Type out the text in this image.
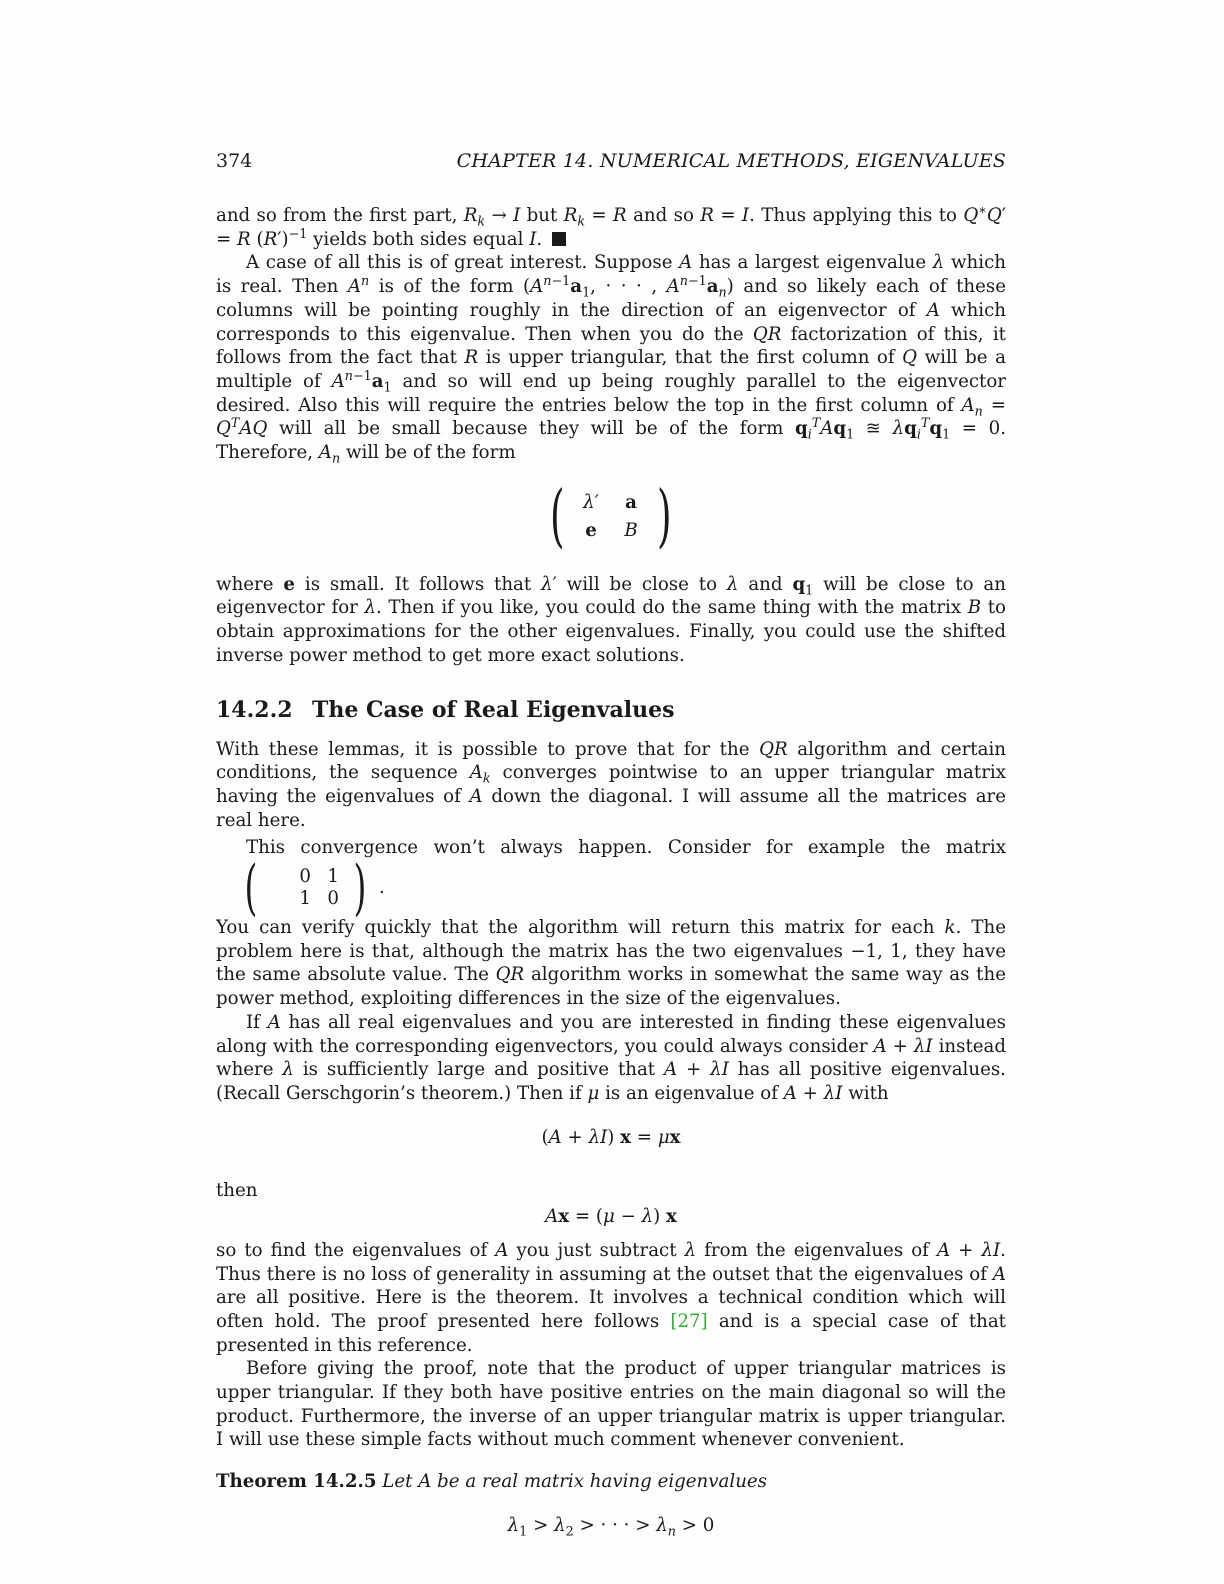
374	CHAPTER 14. NUMERICAL METHODS, EIGENVALUES

and so from the first part, $R_k \to I$ but $R_k = R$ and so R = I. Thus applying this to Q∗Q′ = R $(R')^{-1}$ yields both sides equal I.

A case of all this is of great interest. Suppose A has a largest eigenvalue λ which is real. Then $A^n$ is of the form ($A^{n-1}a_1$, · · · , $A^{n-1}a_n$) and so likely each of these columns will be pointing roughly in the direction of an eigenvector of A which corresponds to this eigenvalue. Then when you do the QR factorization of this, it follows from the fact that R is upper triangular, that the first column of Q will be a multiple of $A^{n-1}a_1$ and so will end up being roughly parallel to the eigenvector desired. Also this will require the entries below the top in the first column of $A_n = Q^TAQ$ will all be small because they will be of the form $q_i^TAq_1$ ≊ $\lambda q_i^Tq_1 = 0$. Therefore, $A_n$ will be of the form

( λ′	a
e	B )

where e is small. It follows that λ′ will be close to λ and $q_1$ will be close to an eigenvector for λ. Then if you like, you could do the same thing with the matrix B to obtain approximations for the other eigenvalues. Finally, you could use the shifted inverse power method to get more exact solutions.

14.2.2 The Case of Real Eigenvalues

With these lemmas, it is possible to prove that for the QR algorithm and certain conditions, the sequence $A_k$ converges pointwise to an upper triangular matrix having the eigenvalues of A down the diagonal. I will assume all the matrices are real here.

This convergence won’t always happen. Consider for example the matrix
(	0 1
1 0 ) .

You can verify quickly that the algorithm will return this matrix for each k. The problem here is that, although the matrix has the two eigenvalues −1, 1, they have the same absolute value. The QR algorithm works in somewhat the same way as the power method, exploiting differences in the size of the eigenvalues.

If A has all real eigenvalues and you are interested in finding these eigenvalues along with the corresponding eigenvectors, you could always consider A + λI instead where λ is sufficiently large and positive that A + λI has all positive eigenvalues. (Recall Gerschgorin’s theorem.) Then if μ is an eigenvalue of A + λI with

(A + λI) x = μx

then

Ax = (μ − λ) x

so to find the eigenvalues of A you just subtract λ from the eigenvalues of A + λI. Thus there is no loss of generality in assuming at the outset that the eigenvalues of A are all positive. Here is the theorem. It involves a technical condition which will often hold. The proof presented here follows [27] and is a special case of that presented in this reference.

Before giving the proof, note that the product of upper triangular matrices is upper triangular. If they both have positive entries on the main diagonal so will the product. Furthermore, the inverse of an upper triangular matrix is upper triangular. I will use these simple facts without much comment whenever convenient.

Theorem 14.2.5 Let A be a real matrix having eigenvalues

$\lambda_1 > \lambda_2$ > · · · > $\lambda_n > 0$
